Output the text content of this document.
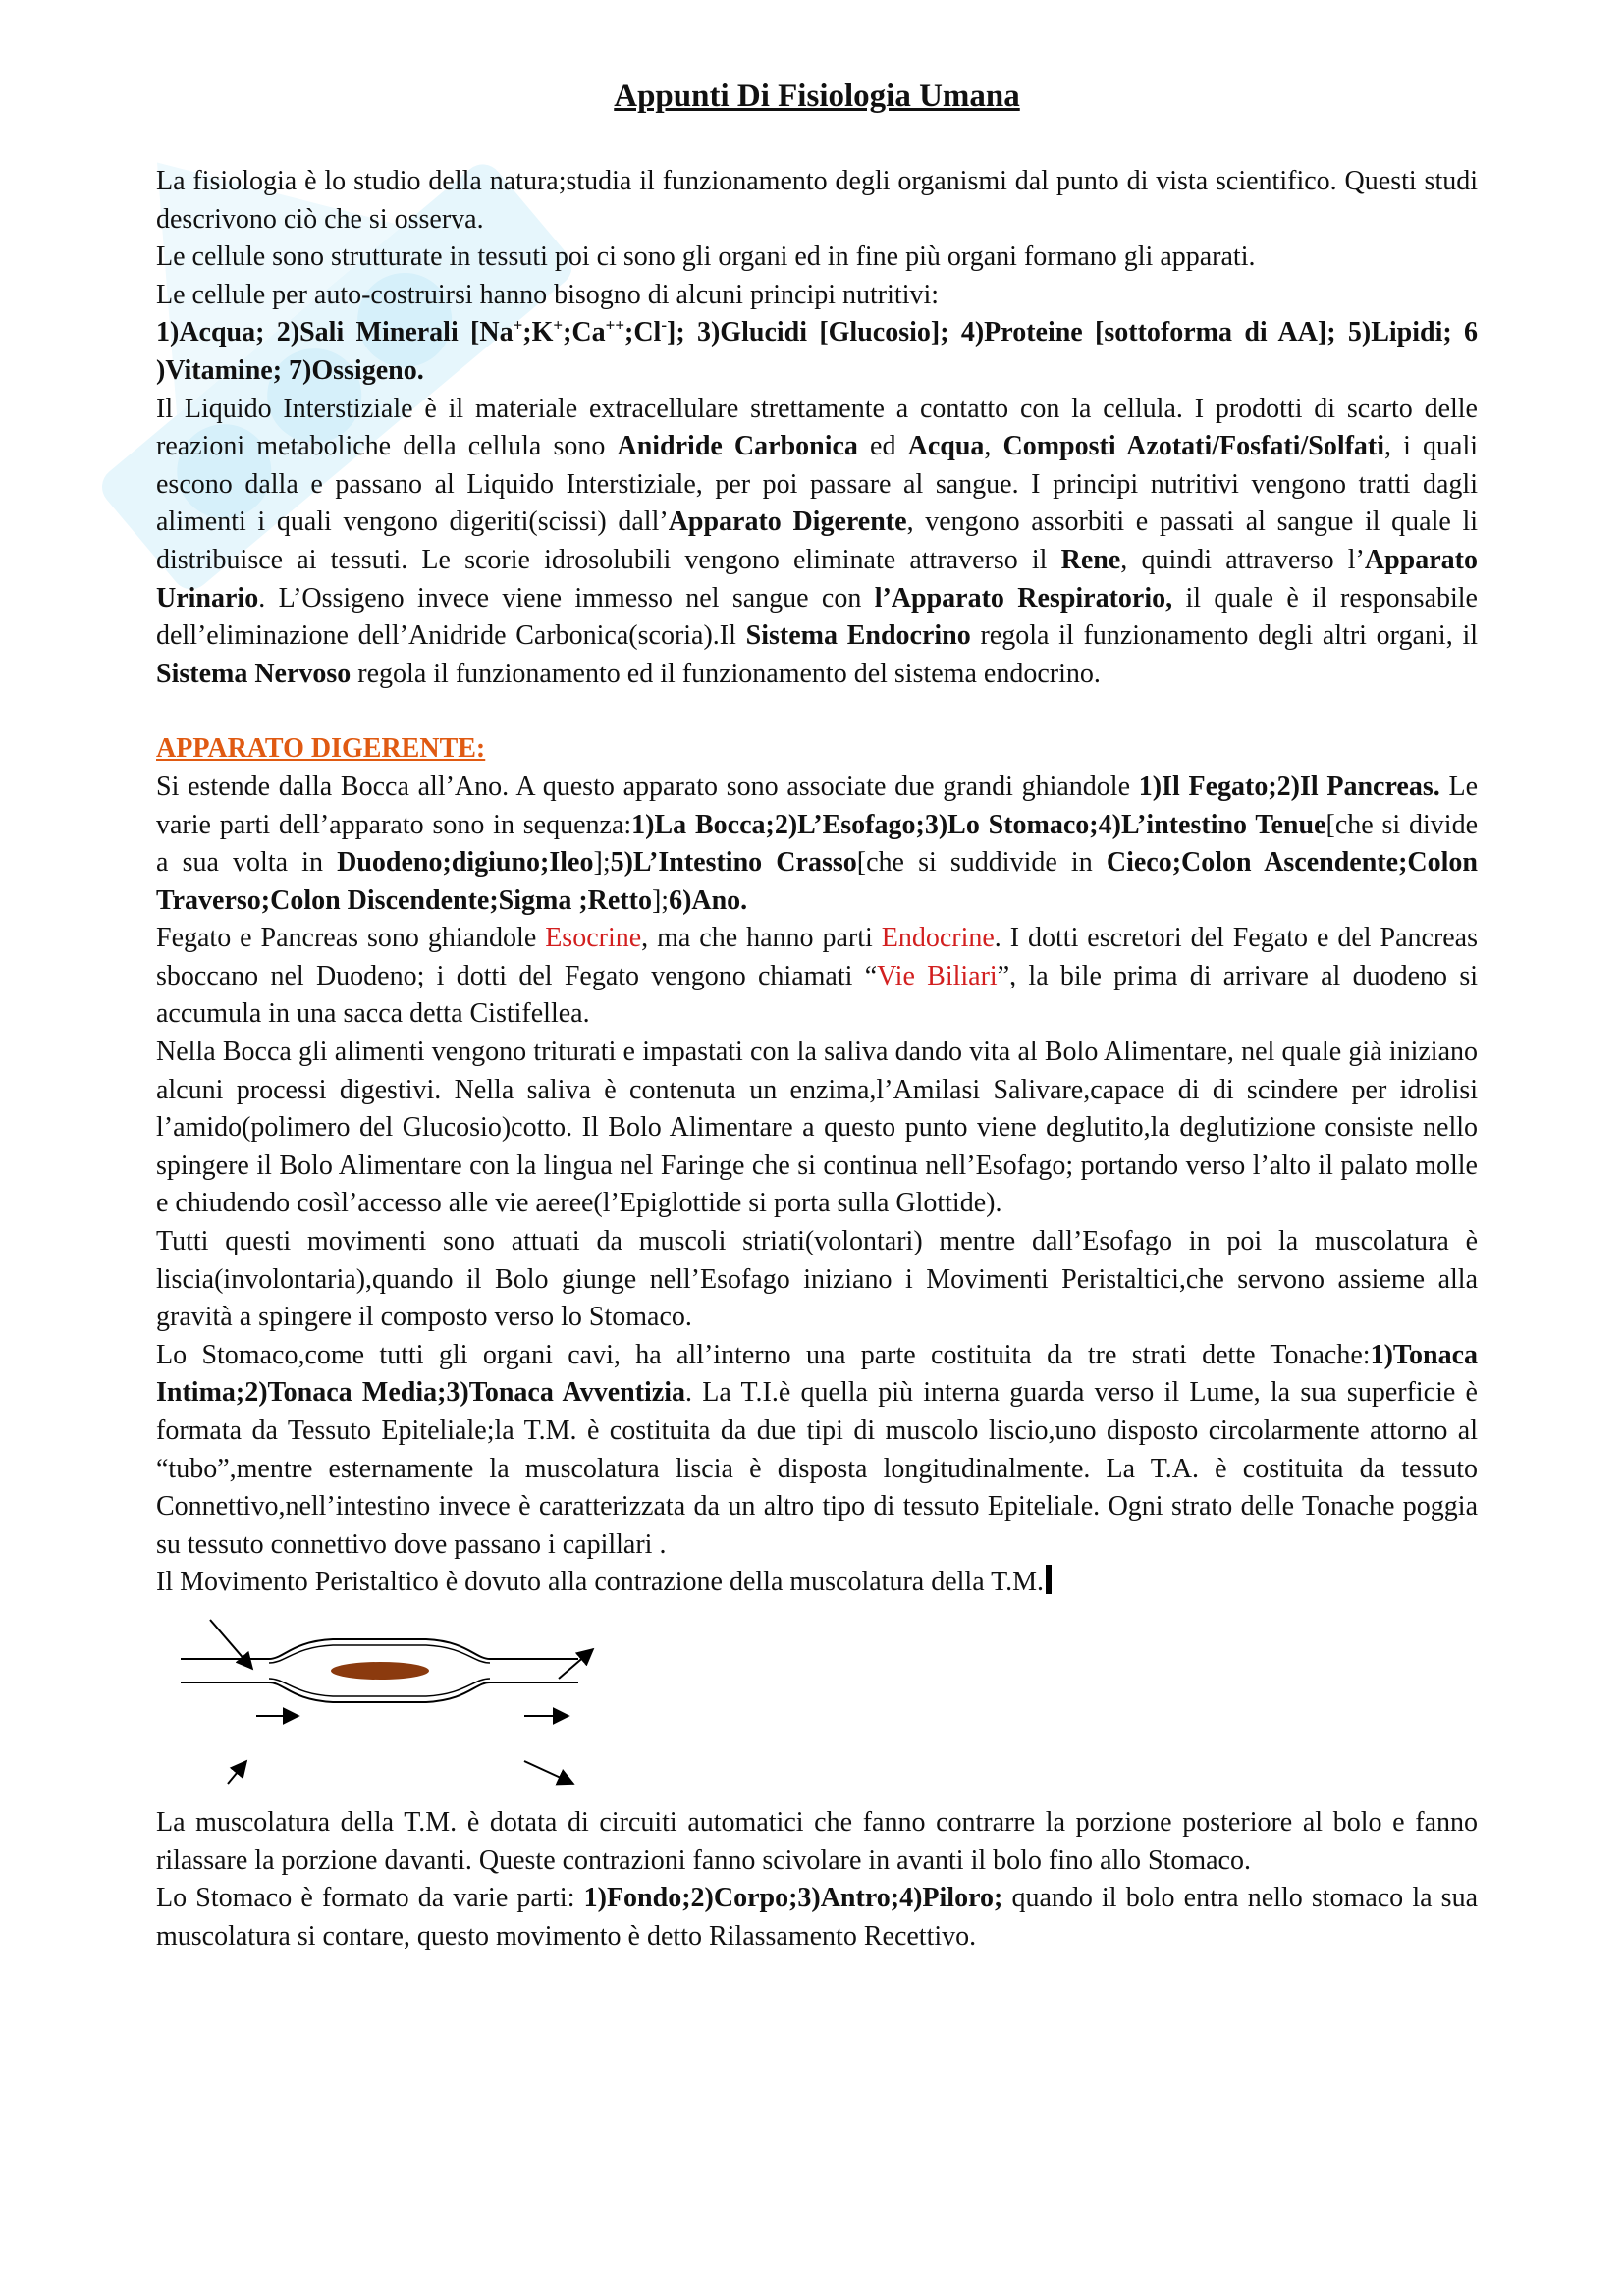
Appunti Di Fisiologia Umana

La fisiologia è lo studio della natura;studia il funzionamento degli organismi dal punto di vista scientifico. Questi studi descrivono ciò che si osserva.

Le cellule sono strutturate in tessuti poi ci sono gli organi ed in fine più organi formano gli apparati.

Le cellule per auto-costruirsi hanno bisogno di alcuni principi nutritivi:

1)Acqua; 2)Sali Minerali [Na+;K+;Ca++;Cl-]; 3)Glucidi [Glucosio]; 4)Proteine [sottoforma di AA]; 5)Lipidi; 6 )Vitamine; 7)Ossigeno.

Il Liquido Interstiziale è il materiale extracellulare strettamente a contatto con la cellula. I prodotti di scarto delle reazioni metaboliche della cellula sono Anidride Carbonica ed Acqua, Composti Azotati/Fosfati/Solfati, i quali escono dalla e passano al Liquido Interstiziale, per poi passare al sangue. I principi nutritivi vengono tratti dagli alimenti i quali vengono digeriti(scissi) dall’Apparato Digerente, vengono assorbiti e passati al sangue il quale li distribuisce ai tessuti. Le scorie idrosolubili vengono eliminate attraverso il Rene, quindi attraverso l’Apparato Urinario. L’Ossigeno invece viene immesso nel sangue con l’Apparato Respiratorio, il quale è il responsabile dell’eliminazione dell’Anidride Carbonica(scoria).Il Sistema Endocrino regola il funzionamento degli altri organi, il Sistema Nervoso regola il funzionamento ed il funzionamento del sistema endocrino.

APPARATO DIGERENTE:

Si estende dalla Bocca all’Ano. A questo apparato sono associate due grandi ghiandole 1)Il Fegato;2)Il Pancreas. Le varie parti dell’apparato sono in sequenza:1)La Bocca;2)L’Esofago;3)Lo Stomaco;4)L’intestino Tenue[che si divide a sua volta in Duodeno;digiuno;Ileo];5)L’Intestino Crasso[che si suddivide in Cieco;Colon Ascendente;Colon Traverso;Colon Discendente;Sigma ;Retto];6)Ano.

Fegato e Pancreas sono ghiandole Esocrine, ma che hanno parti Endocrine. I dotti escretori del Fegato e del Pancreas sboccano nel Duodeno; i dotti del Fegato vengono chiamati “Vie Biliari”, la bile prima di arrivare al duodeno si accumula in una sacca detta Cistifellea.

Nella Bocca gli alimenti vengono triturati e impastati con la saliva dando vita al Bolo Alimentare, nel quale già iniziano alcuni processi digestivi. Nella saliva è contenuta un enzima,l’Amilasi Salivare,capace di di scindere per idrolisi l’amido(polimero del Glucosio)cotto. Il Bolo Alimentare a questo punto viene deglutito,la deglutizione consiste nello spingere il Bolo Alimentare con la lingua nel Faringe che si continua nell’Esofago; portando verso l’alto il palato molle e chiudendo cosìl’accesso alle vie aeree(l’Epiglottide si porta sulla Glottide).

Tutti questi movimenti sono attuati da muscoli striati(volontari) mentre dall’Esofago in poi la muscolatura è liscia(involontaria),quando il Bolo giunge nell’Esofago iniziano i Movimenti Peristaltici,che servono assieme alla gravità a spingere il composto verso lo Stomaco.

Lo Stomaco,come tutti gli organi cavi, ha all’interno una parte costituita da tre strati dette Tonache:1)Tonaca Intima;2)Tonaca Media;3)Tonaca Avventizia. La T.I.è quella più interna guarda verso il Lume, la sua superficie è formata da Tessuto Epiteliale;la T.M. è costituita da due tipi di muscolo liscio,uno disposto circolarmente attorno al “tubo”,mentre esternamente la muscolatura liscia è disposta longitudinalmente. La T.A. è costituita da tessuto Connettivo,nell’intestino invece è caratterizzata da un altro tipo di tessuto Epiteliale. Ogni strato delle Tonache poggia su tessuto connettivo dove passano i capillari .

Il Movimento Peristaltico è dovuto alla contrazione della muscolatura della T.M.

La muscolatura della T.M. è dotata di circuiti automatici che fanno contrarre la porzione posteriore al bolo e fanno rilassare la porzione davanti. Queste contrazioni fanno scivolare in avanti il bolo fino allo Stomaco.

Lo Stomaco è formato da varie parti: 1)Fondo;2)Corpo;3)Antro;4)Piloro; quando il bolo entra nello stomaco la sua muscolatura si contare, questo movimento è detto Rilassamento Recettivo.
